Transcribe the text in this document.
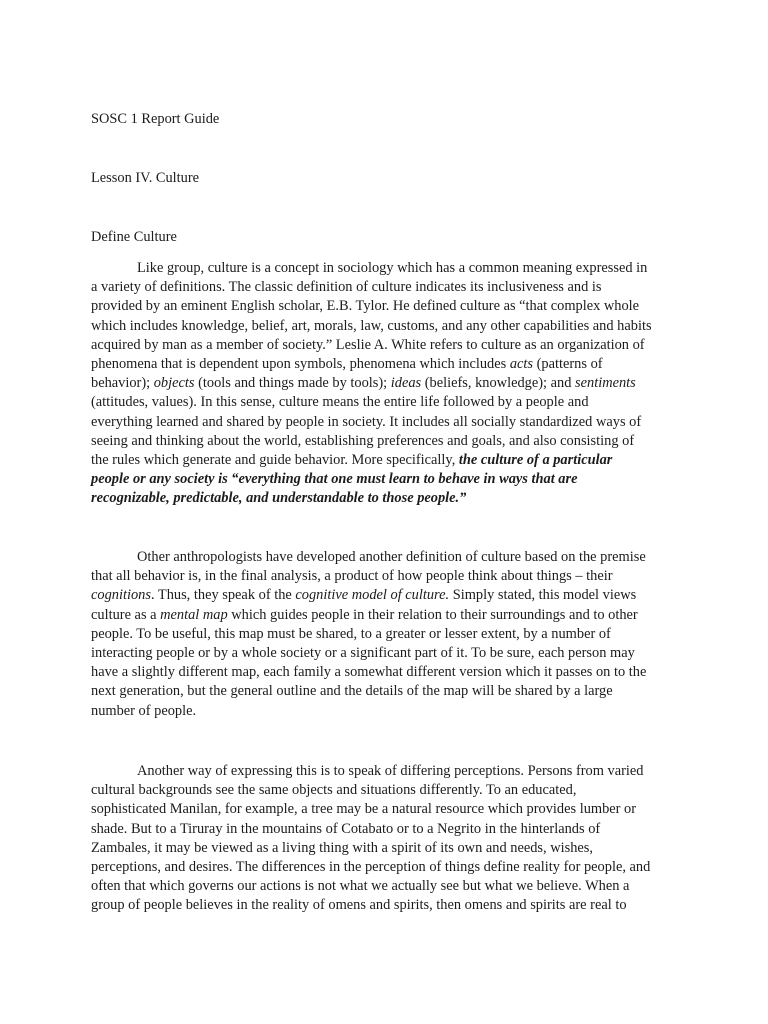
SOSC 1 Report Guide

Lesson IV. Culture

Define Culture

Like group, culture is a concept in sociology which has a common meaning expressed in
a variety of definitions. The classic definition of culture indicates its inclusiveness and is
provided by an eminent English scholar, E.B. Tylor. He defined culture as “that complex whole
which includes knowledge, belief, art, morals, law, customs, and any other capabilities and habits
acquired by man as a member of society.” Leslie A. White refers to culture as an organization of
phenomena that is dependent upon symbols, phenomena which includes acts (patterns of
behavior); objects (tools and things made by tools); ideas (beliefs, knowledge); and sentiments
(attitudes, values). In this sense, culture means the entire life followed by a people and
everything learned and shared by people in society. It includes all socially standardized ways of
seeing and thinking about the world, establishing preferences and goals, and also consisting of
the rules which generate and guide behavior. More specifically, the culture of a particular
people or any society is “everything that one must learn to behave in ways that are
recognizable, predictable, and understandable to those people.”
Other anthropologists have developed another definition of culture based on the premise
that all behavior is, in the final analysis, a product of how people think about things – their
cognitions. Thus, they speak of the cognitive model of culture. Simply stated, this model views
culture as a mental map which guides people in their relation to their surroundings and to other
people. To be useful, this map must be shared, to a greater or lesser extent, by a number of
interacting people or by a whole society or a significant part of it. To be sure, each person may
have a slightly different map, each family a somewhat different version which it passes on to the
next generation, but the general outline and the details of the map will be shared by a large
number of people.
Another way of expressing this is to speak of differing perceptions. Persons from varied
cultural backgrounds see the same objects and situations differently. To an educated,
sophisticated Manilan, for example, a tree may be a natural resource which provides lumber or
shade. But to a Tiruray in the mountains of Cotabato or to a Negrito in the hinterlands of
Zambales, it may be viewed as a living thing with a spirit of its own and needs, wishes,
perceptions, and desires. The differences in the perception of things define reality for people, and
often that which governs our actions is not what we actually see but what we believe. When a
group of people believes in the reality of omens and spirits, then omens and spirits are real to
